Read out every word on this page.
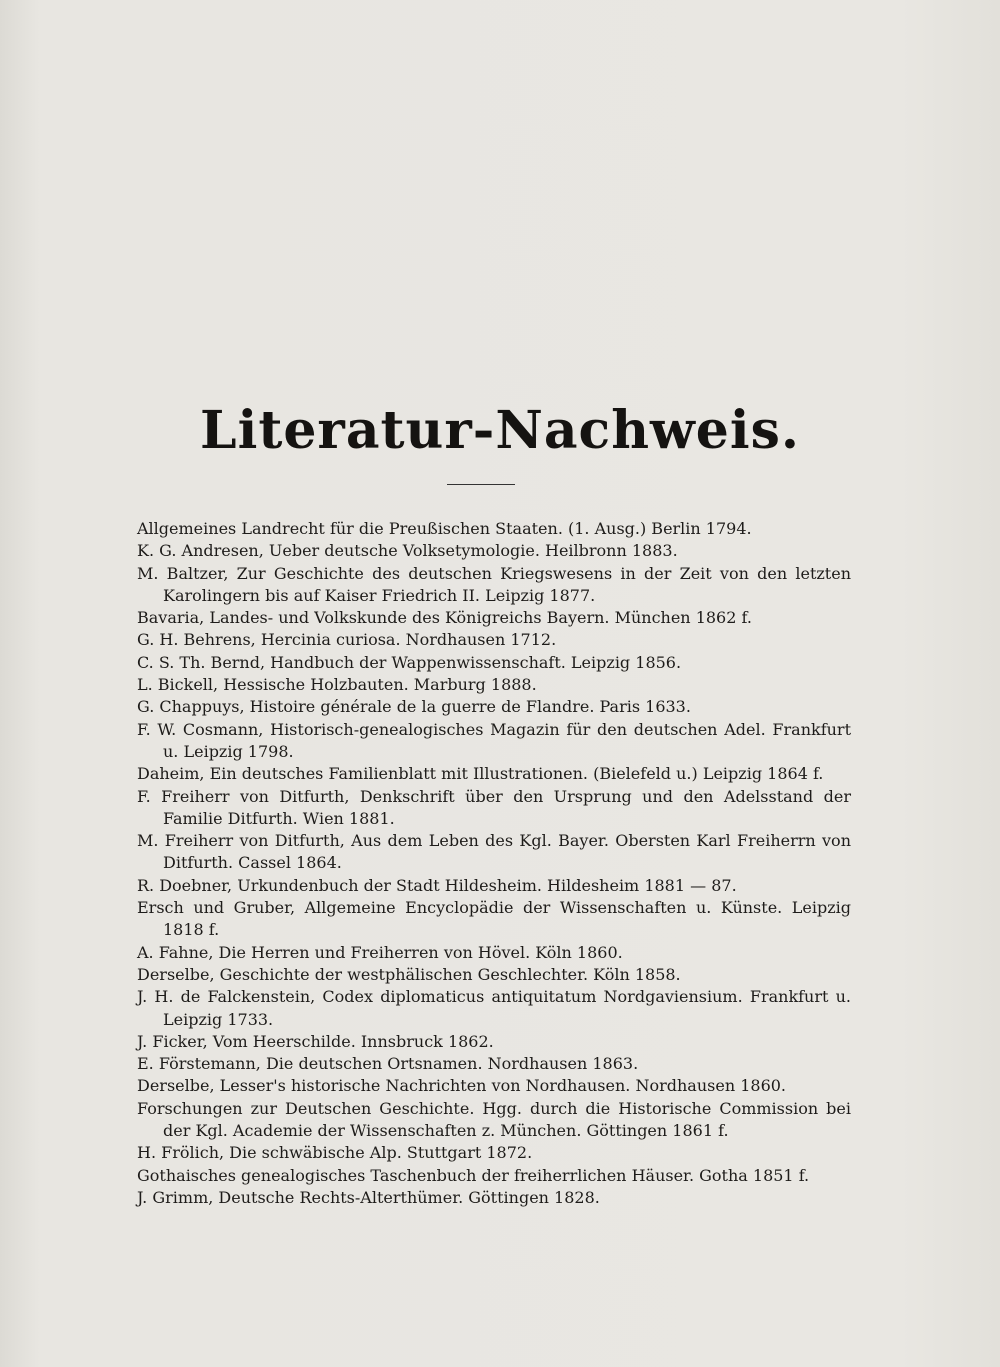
Literatur-Nachweis.
Allgemeines Landrecht für die Preußischen Staaten. (1. Ausg.) Berlin 1794.
K. G. Andresen, Ueber deutsche Volksetymologie. Heilbronn 1883.
M. Baltzer, Zur Geschichte des deutschen Kriegswesens in der Zeit von den letzten Karolingern bis auf Kaiser Friedrich II. Leipzig 1877.
Bavaria, Landes- und Volkskunde des Königreichs Bayern. München 1862 f.
G. H. Behrens, Hercinia curiosa. Nordhausen 1712.
C. S. Th. Bernd, Handbuch der Wappenwissenschaft. Leipzig 1856.
L. Bickell, Hessische Holzbauten. Marburg 1888.
G. Chappuys, Histoire générale de la guerre de Flandre. Paris 1633.
F. W. Cosmann, Historisch-genealogisches Magazin für den deutschen Adel. Frankfurt u. Leipzig 1798.
Daheim, Ein deutsches Familienblatt mit Illustrationen. (Bielefeld u.) Leipzig 1864 f.
F. Freiherr von Ditfurth, Denkschrift über den Ursprung und den Adelsstand der Familie Ditfurth. Wien 1881.
M. Freiherr von Ditfurth, Aus dem Leben des Kgl. Bayer. Obersten Karl Freiherrn von Ditfurth. Cassel 1864.
R. Doebner, Urkundenbuch der Stadt Hildesheim. Hildesheim 1881 — 87.
Ersch und Gruber, Allgemeine Encyclopädie der Wissenschaften u. Künste. Leipzig 1818 f.
A. Fahne, Die Herren und Freiherren von Hövel. Köln 1860.
Derselbe, Geschichte der westphälischen Geschlechter. Köln 1858.
J. H. de Falckenstein, Codex diplomaticus antiquitatum Nordgaviensium. Frankfurt u. Leipzig 1733.
J. Ficker, Vom Heerschilde. Innsbruck 1862.
E. Förstemann, Die deutschen Ortsnamen. Nordhausen 1863.
Derselbe, Lesser's historische Nachrichten von Nordhausen. Nordhausen 1860.
Forschungen zur Deutschen Geschichte. Hgg. durch die Historische Commission bei der Kgl. Academie der Wissenschaften z. München. Göttingen 1861 f.
H. Frölich, Die schwäbische Alp. Stuttgart 1872.
Gothaisches genealogisches Taschenbuch der freiherrlichen Häuser. Gotha 1851 f.
J. Grimm, Deutsche Rechts-Alterthümer. Göttingen 1828.
